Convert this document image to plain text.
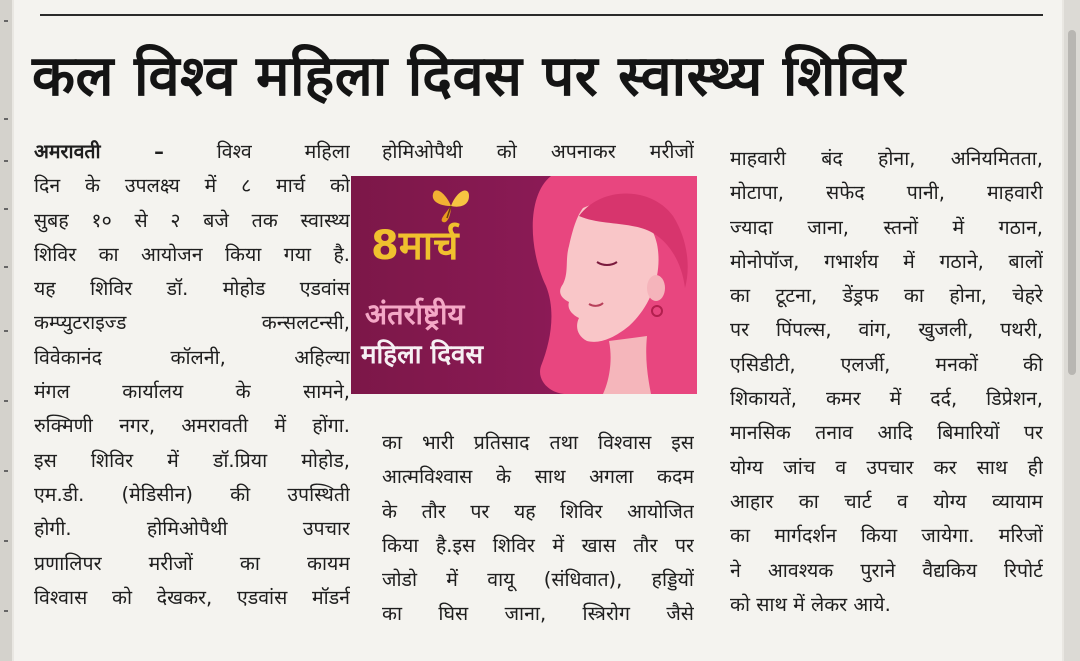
कल विश्व महिला दिवस पर स्वास्थ्य शिविर
अमरावती – विश्व महिला
दिन के उपलक्ष्य में ८ मार्च को
सुबह १० से २ बजे तक स्वास्थ्य
शिविर का आयोजन किया गया है.
यह शिविर डॉ. मोहोड एडवांस
कम्प्युटराइज्ड कन्सलटन्सी,
विवेकानंद कॉलनी, अहिल्या
मंगल कार्यालय के सामने,
रुक्मिणी नगर, अमरावती में होंगा.
इस शिविर में डॉ.प्रिया मोहोड,
एम.डी. (मेडिसीन) की उपस्थिती
होगी. होमिओपैथी उपचार
प्रणालिपर मरीजों का कायम
विश्वास को देखकर, एडवांस मॉडर्न
होमिओपैथी को अपनाकर मरीजों
8मार्च
अंतर्राष्ट्रीय
महिला दिवस
का भारी प्रतिसाद तथा विश्वास इस
आत्मविश्वास के साथ अगला कदम
के तौर पर यह शिविर आयोजित
किया है.इस शिविर में खास तौर पर
जोडो में वायू (संधिवात), हड्डियों
का घिस जाना, स्त्रिरोग जैसे
माहवारी बंद होना, अनियमितता,
मोटापा, सफेद पानी, माहवारी
ज्यादा जाना, स्तनों में गठान,
मोनोपॉज, गभार्शय में गठाने, बालों
का टूटना, डेंड्रफ का होना, चेहरे
पर पिंपल्स, वांग, खुजली, पथरी,
एसिडीटी, एलर्जी, मनकों की
शिकायतें, कमर में दर्द, डिप्रेशन,
मानसिक तनाव आदि बिमारियों पर
योग्य जांच व उपचार कर साथ ही
आहार का चार्ट व योग्य व्यायाम
का मार्गदर्शन किया जायेगा. मरिजों
ने आवश्यक पुराने वैद्यकिय रिपोर्ट
को साथ में लेकर आये.
